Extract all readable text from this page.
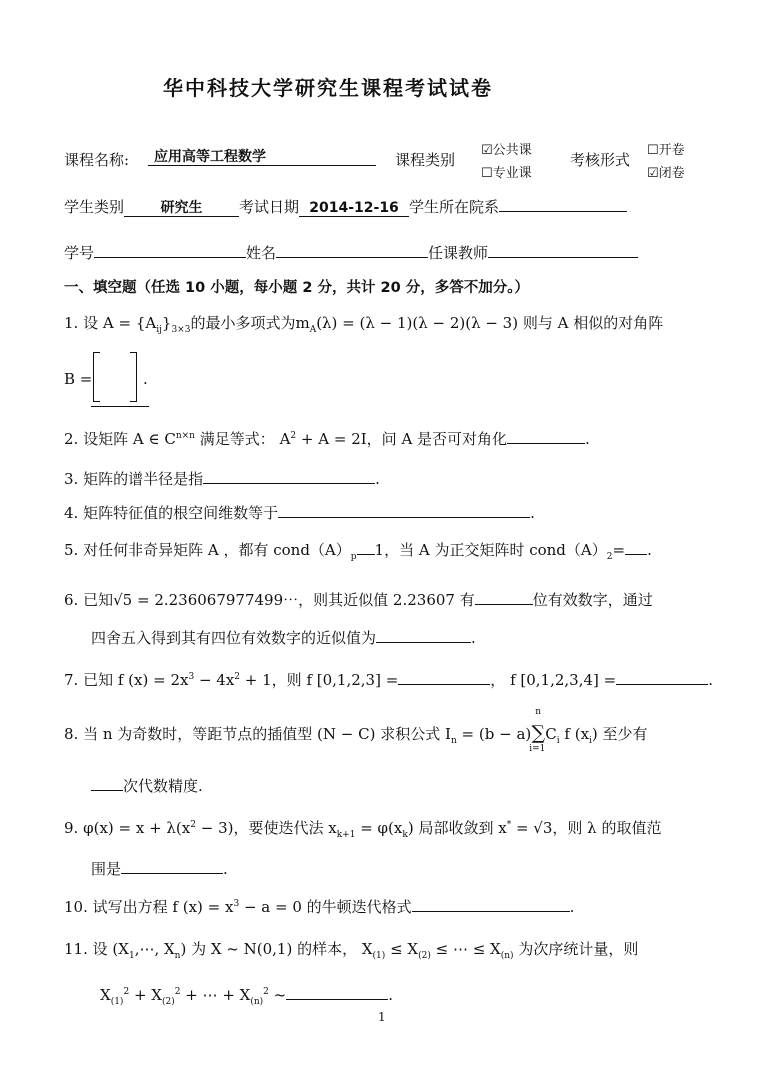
华中科技大学研究生课程考试试卷
课程名称:	应用高等工程数学	课程类别
☑公共课
☐专业课
考核形式
☐开卷
☑闭卷
学生类别	研究生 考试日期 2014-12-16 学生所在院系
学号	姓名	任课教师
一、填空题（任选 10 小题，每小题 2 分，共计 20 分，多答不加分。）
1. 设 $A = \{A_{ij}\}_{3\times 3}$的最小多项式为$m_A(\lambda) = (\lambda - 1)(\lambda - 2)(\lambda - 3)$ 则与 A 相似的对角阵
B =	.
2. 设矩阵 A ∈ $C^{n\times n}$ 满足等式： $A^2 + A = 2I$，问 A 是否可对角化	.
3. 矩阵的谱半径是指	.
4. 矩阵特征值的根空间维数等于	.
5. 对任何非奇异矩阵 A ，都有 $cond(A)_p$ 1，当 A 为正交矩阵时 $cond(A)_2=$ .
6. 已知√5 = 2.236067977499⋯，则其近似值 2.23607 有	位有效数字，通过
四舍五入得到其有四位有效数字的近似值为	.
7. 已知 f $(x) = 2x^3 - 4x^2 + 1$，则 f [0,1,2,3] =	， f [0,1,2,3,4] =	.
8. 当 n 为奇数时，等距节点的插值型 (N − C) 求积公式 $I_n = (b - a)$
n
∑
i=1
$C_i$ f $(x_i)$ 至少有
次代数精度.
9. $\varphi(x) = x + \lambda(x^2 - 3)$，要使迭代法 $x_{k+1} = \varphi(x_k)$ 局部收敛到 x* = √3，则 λ 的取值范
围是	.
10. 试写出方程 f $(x) = x^3 - a = 0$ 的牛顿迭代格式	.
11. 设 ($X_1,\cdots$, $X_n$) 为 X ~ N(0,1) 的样本， $X_{(1)} \le X_{(2)}$ ≤ ⋯ ≤ $X_{(n)}$ 为次序统计量，则
$X_{(1)}^2 + X_{(2)}^2$ + ⋯ + $X_{(n)}^2$ ~	.
1
